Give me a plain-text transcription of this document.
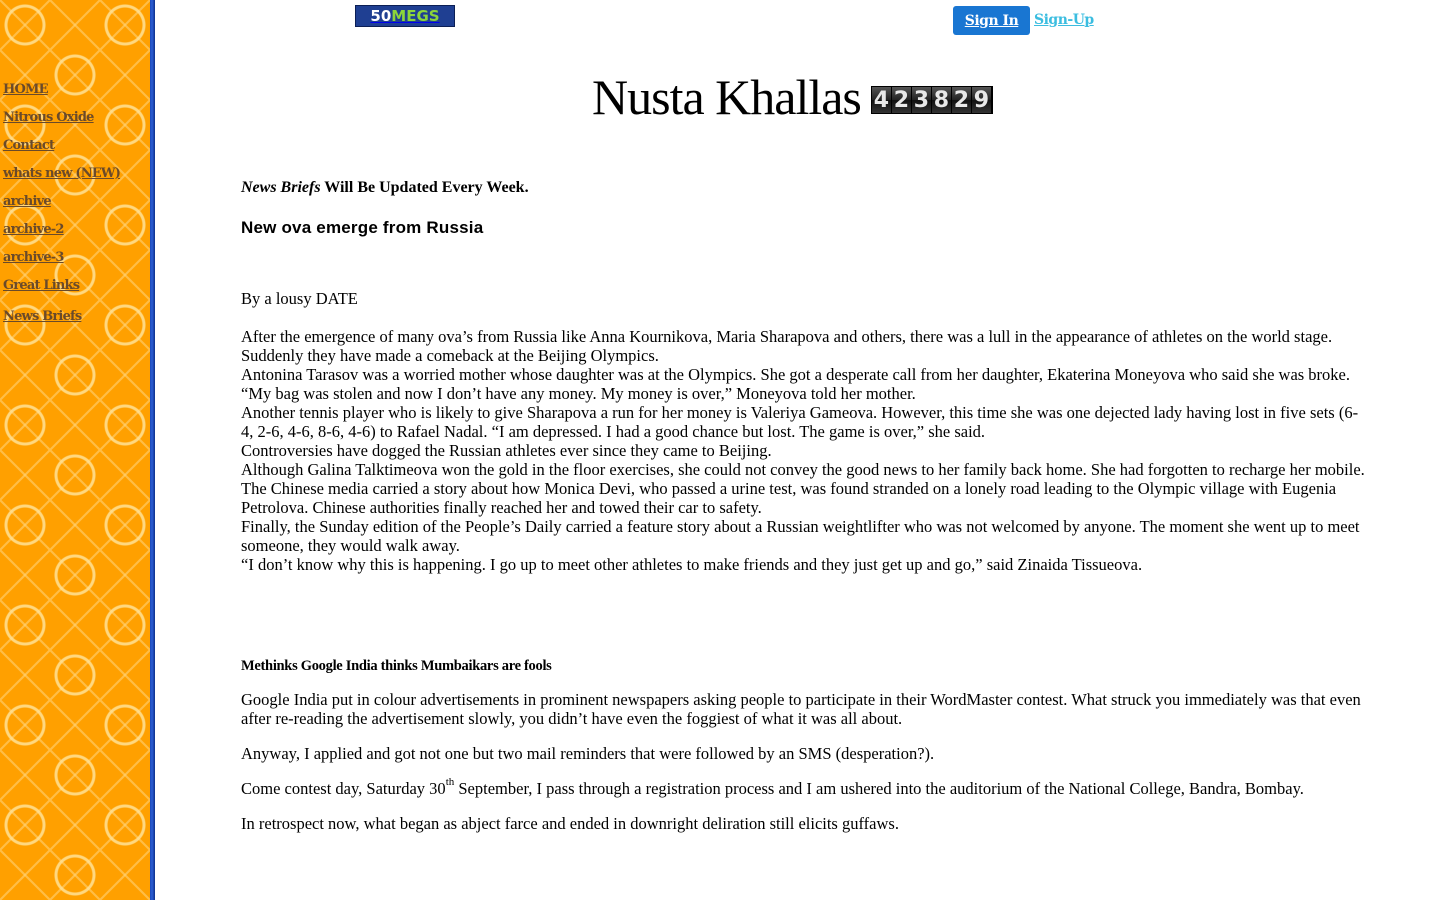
HOME
Nitrous Oxide
Contact
whats new (NEW)
archive
archive-2
archive-3
Great Links
News Briefs
50 MEGS	Sign In	Sign-Up
Nusta Khallas 4 2 3 8 2 9

News Briefs Will Be Updated Every Week.

New ova emerge from Russia

By a lousy DATE

After the emergence of many ova’s from Russia like Anna Kournikova, Maria Sharapova and others, there was a lull in the appearance of athletes on the world stage.

Suddenly they have made a comeback at the Beijing Olympics.

Antonina Tarasov was a worried mother whose daughter was at the Olympics. She got a desperate call from her daughter, Ekaterina Moneyova who said she was broke. “My bag was stolen and now I don’t have any money. My money is over,” Moneyova told her mother.

Another tennis player who is likely to give Sharapova a run for her money is Valeriya Gameova. However, this time she was one dejected lady having lost in five sets (6-4, 2-6, 4-6, 8-6, 4-6) to Rafael Nadal. “I am depressed. I had a good chance but lost. The game is over,” she said.

Controversies have dogged the Russian athletes ever since they came to Beijing.

Although Galina Talktimeova won the gold in the floor exercises, she could not convey the good news to her family back home. She had forgotten to recharge her mobile.

The Chinese media carried a story about how Monica Devi, who passed a urine test, was found stranded on a lonely road leading to the Olympic village with Eugenia Petrolova. Chinese authorities finally reached her and towed their car to safety.

Finally, the Sunday edition of the People’s Daily carried a feature story about a Russian weightlifter who was not welcomed by anyone. The moment she went up to meet someone, they would walk away.

“I don’t know why this is happening. I go up to meet other athletes to make friends and they just get up and go,” said Zinaida Tissueova.

Methinks Google India thinks Mumbaikars are fools

Google India put in colour advertisements in prominent newspapers asking people to participate in their WordMaster contest. What struck you immediately was that even after re-reading the advertisement slowly, you didn’t have even the foggiest of what it was all about.

Anyway, I applied and got not one but two mail reminders that were followed by an SMS (desperation?).

Come contest day, Saturday 30th September, I pass through a registration process and I am ushered into the auditorium of the National College, Bandra, Bombay.

In retrospect now, what began as abject farce and ended in downright deliration still elicits guffaws.
